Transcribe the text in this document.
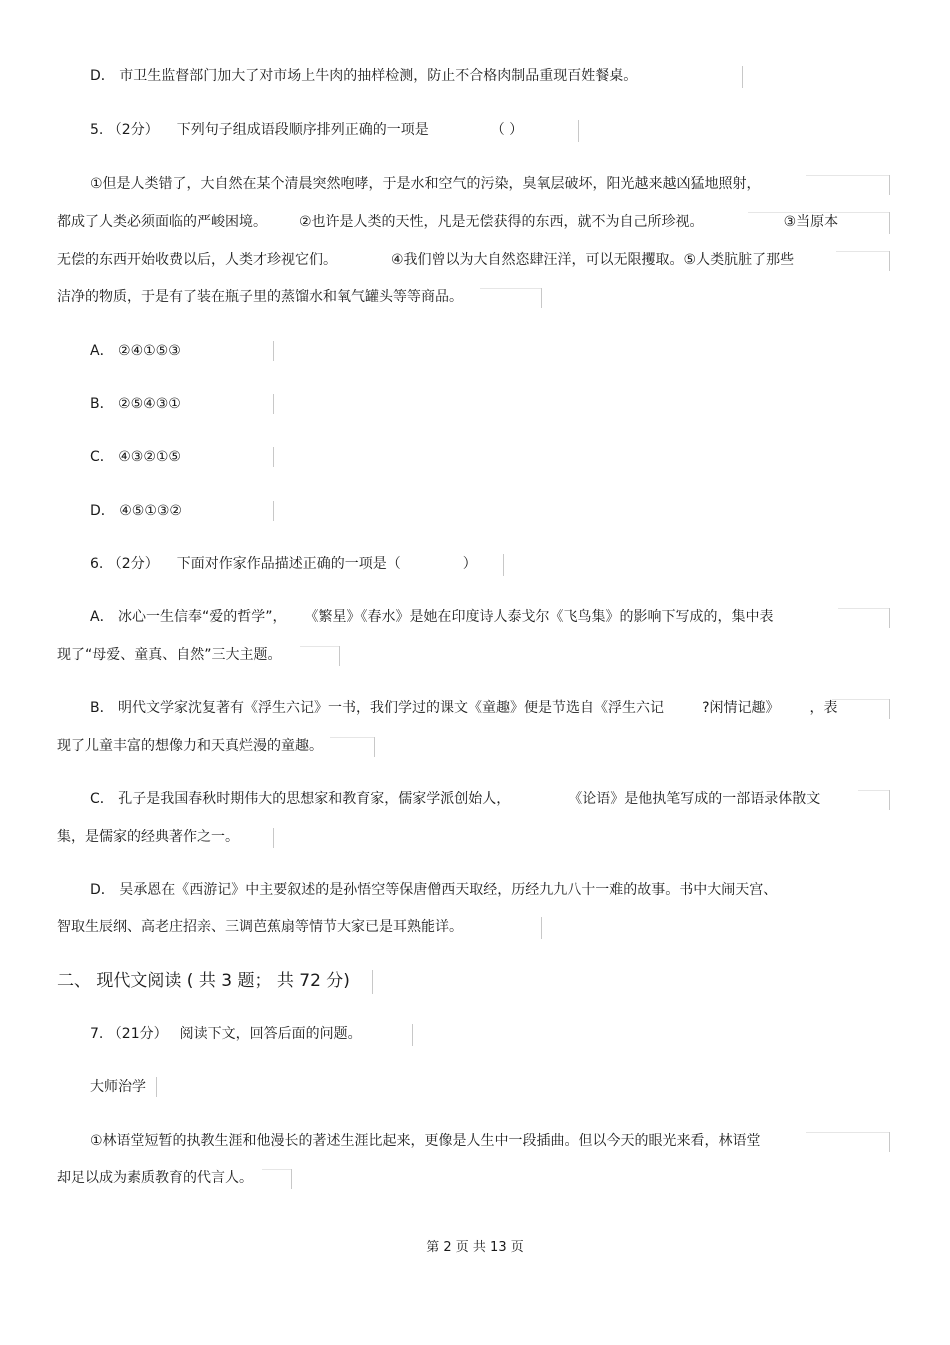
D． 市卫生监督部门加大了对市场上牛肉的抽样检测，防止不合格肉制品重现百姓餐桌。
5. （2分） 下列句子组成语段顺序排列正确的一项是	（ ）
①但是人类错了，大自然在某个清晨突然咆哮，于是水和空气的污染，臭氧层破坏，阳光越来越凶猛地照射，
都成了人类必须面临的严峻困境。 ②也许是人类的天性，凡是无偿获得的东西，就不为自己所珍视。	③当原本
无偿的东西开始收费以后，人类才珍视它们。	④我们曾以为大自然恣肆汪洋，可以无限攫取。⑤人类肮脏了那些
洁净的物质，于是有了装在瓶子里的蒸馏水和氧气罐头等等商品。
A． ②④①⑤③
B． ②⑤④③①
C． ④③②①⑤
D． ④⑤①③②
6. （2分） 下面对作家作品描述正确的一项是（	）
A． 冰心一生信奉“爱的哲学”， 《繁星》《春水》是她在印度诗人泰戈尔《飞鸟集》的影响下写成的，集中表
现了“母爱、童真、自然”三大主题。
B． 明代文学家沈复著有《浮生六记》一书，我们学过的课文《童趣》便是节选自《浮生六记	?闲情记趣》 ，表
现了儿童丰富的想像力和天真烂漫的童趣。
C． 孔子是我国春秋时期伟大的思想家和教育家，儒家学派创始人，	《论语》是他执笔写成的一部语录体散文
集，是儒家的经典著作之一。
D． 吴承恩在《西游记》中主要叙述的是孙悟空等保唐僧西天取经，历经九九八十一难的故事。书中大闹天宫、
智取生辰纲、高老庄招亲、三调芭蕉扇等情节大家已是耳熟能详。
二、 现代文阅读 ( 共 3 题； 共 72 分)
7. （21分） 阅读下文，回答后面的问题。
大师治学
①林语堂短暂的执教生涯和他漫长的著述生涯比起来，更像是人生中一段插曲。但以今天的眼光来看，林语堂
却足以成为素质教育的代言人。
第 2 页 共 13 页
